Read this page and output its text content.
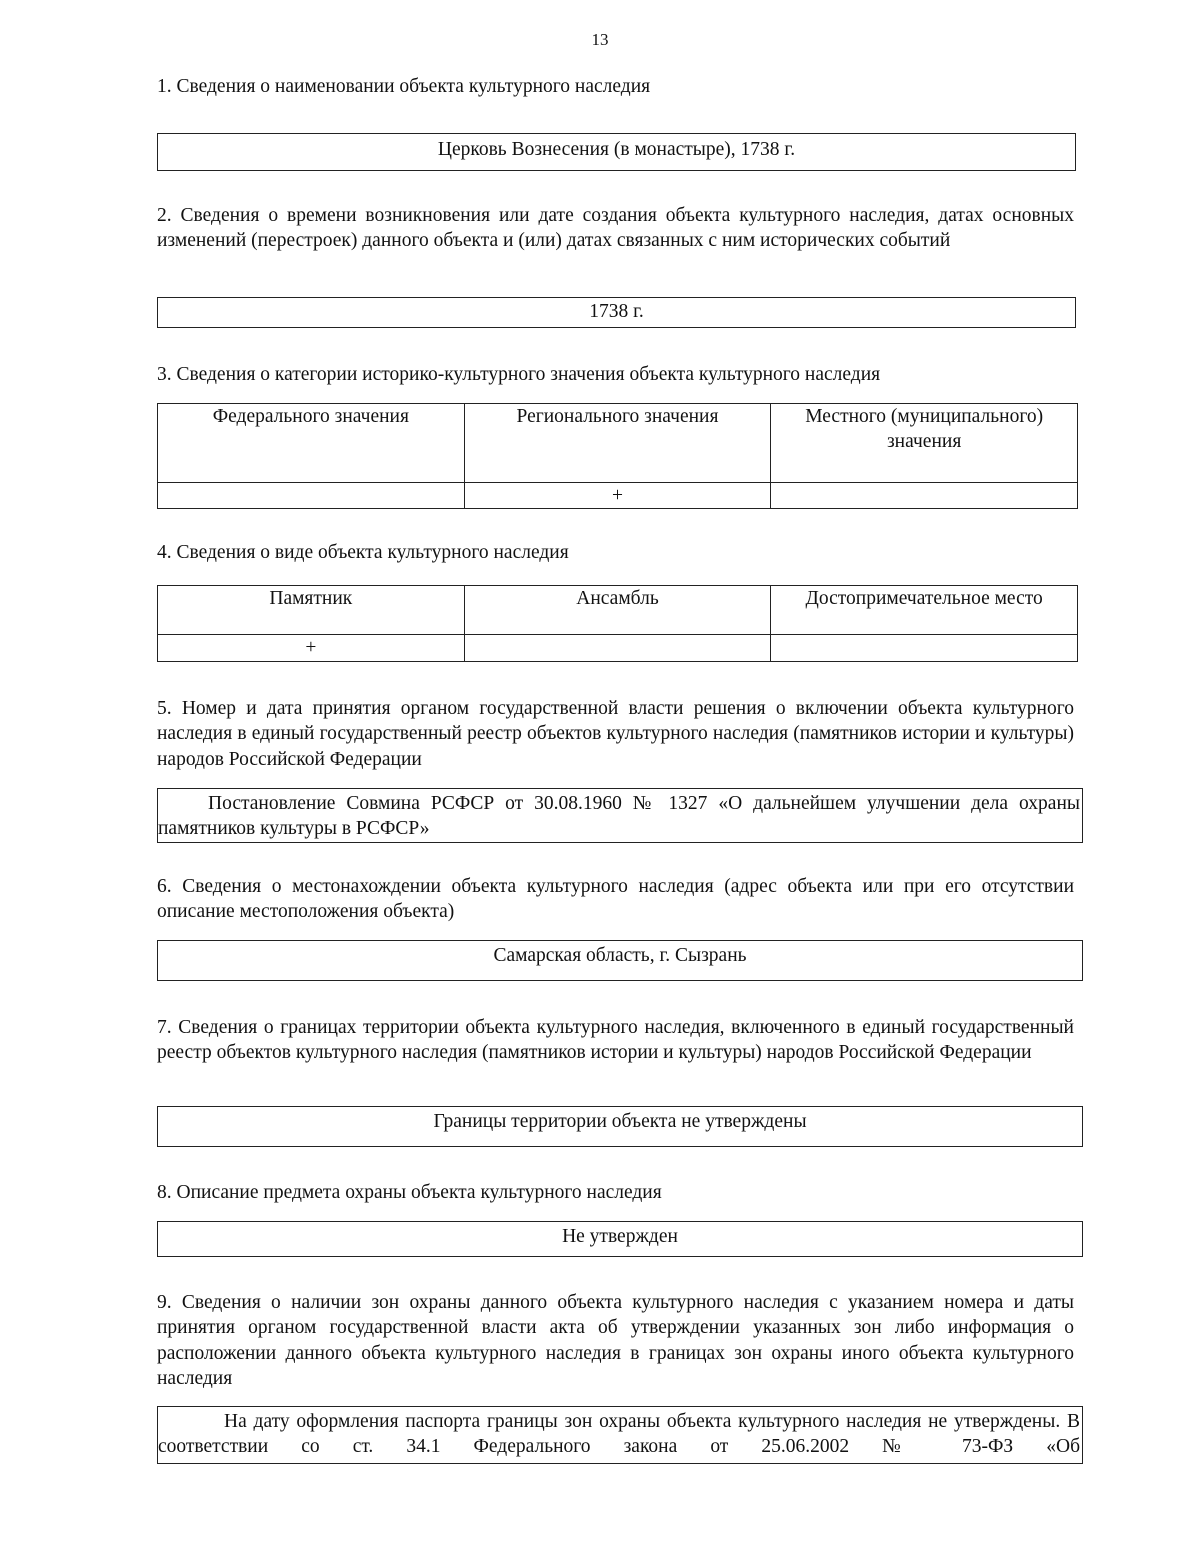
13
1. Сведения о наименовании объекта культурного наследия
Церковь Вознесения (в монастыре), 1738 г.
2. Сведения о времени возникновения или дате создания объекта культурного наследия, датах основных изменений (перестроек) данного объекта и (или) датах связанных с ним исторических событий
1738 г.
3. Сведения о категории историко-культурного значения объекта культурного наследия
Федерального значения	Регионального значения	Местного (муниципального) значения
	+	
4. Сведения о виде объекта культурного наследия
Памятник	Ансамбль	Достопримечательное место
+		
5. Номер и дата принятия органом государственной власти решения о включении объекта культурного наследия в единый государственный реестр объектов культурного наследия (памятников истории и культуры) народов Российской Федерации
Постановление Совмина РСФСР от 30.08.1960 № 1327 «О дальнейшем улучшении дела охраны памятников культуры в РСФСР»
6. Сведения о местонахождении объекта культурного наследия (адрес объекта или при его отсутствии описание местоположения объекта)
Самарская область, г. Сызрань
7. Сведения о границах территории объекта культурного наследия, включенного в единый государственный реестр объектов культурного наследия (памятников истории и культуры) народов Российской Федерации
Границы территории объекта не утверждены
8. Описание предмета охраны объекта культурного наследия
Не утвержден
9. Сведения о наличии зон охраны данного объекта культурного наследия с указанием номера и даты принятия органом государственной власти акта об утверждении указанных зон либо информация о расположении данного объекта культурного наследия в границах зон охраны иного объекта культурного наследия
На дату оформления паспорта границы зон охраны объекта культурного наследия не утверждены. В соответствии со ст. 34.1 Федерального закона от 25.06.2002 № 73-ФЗ «Об
